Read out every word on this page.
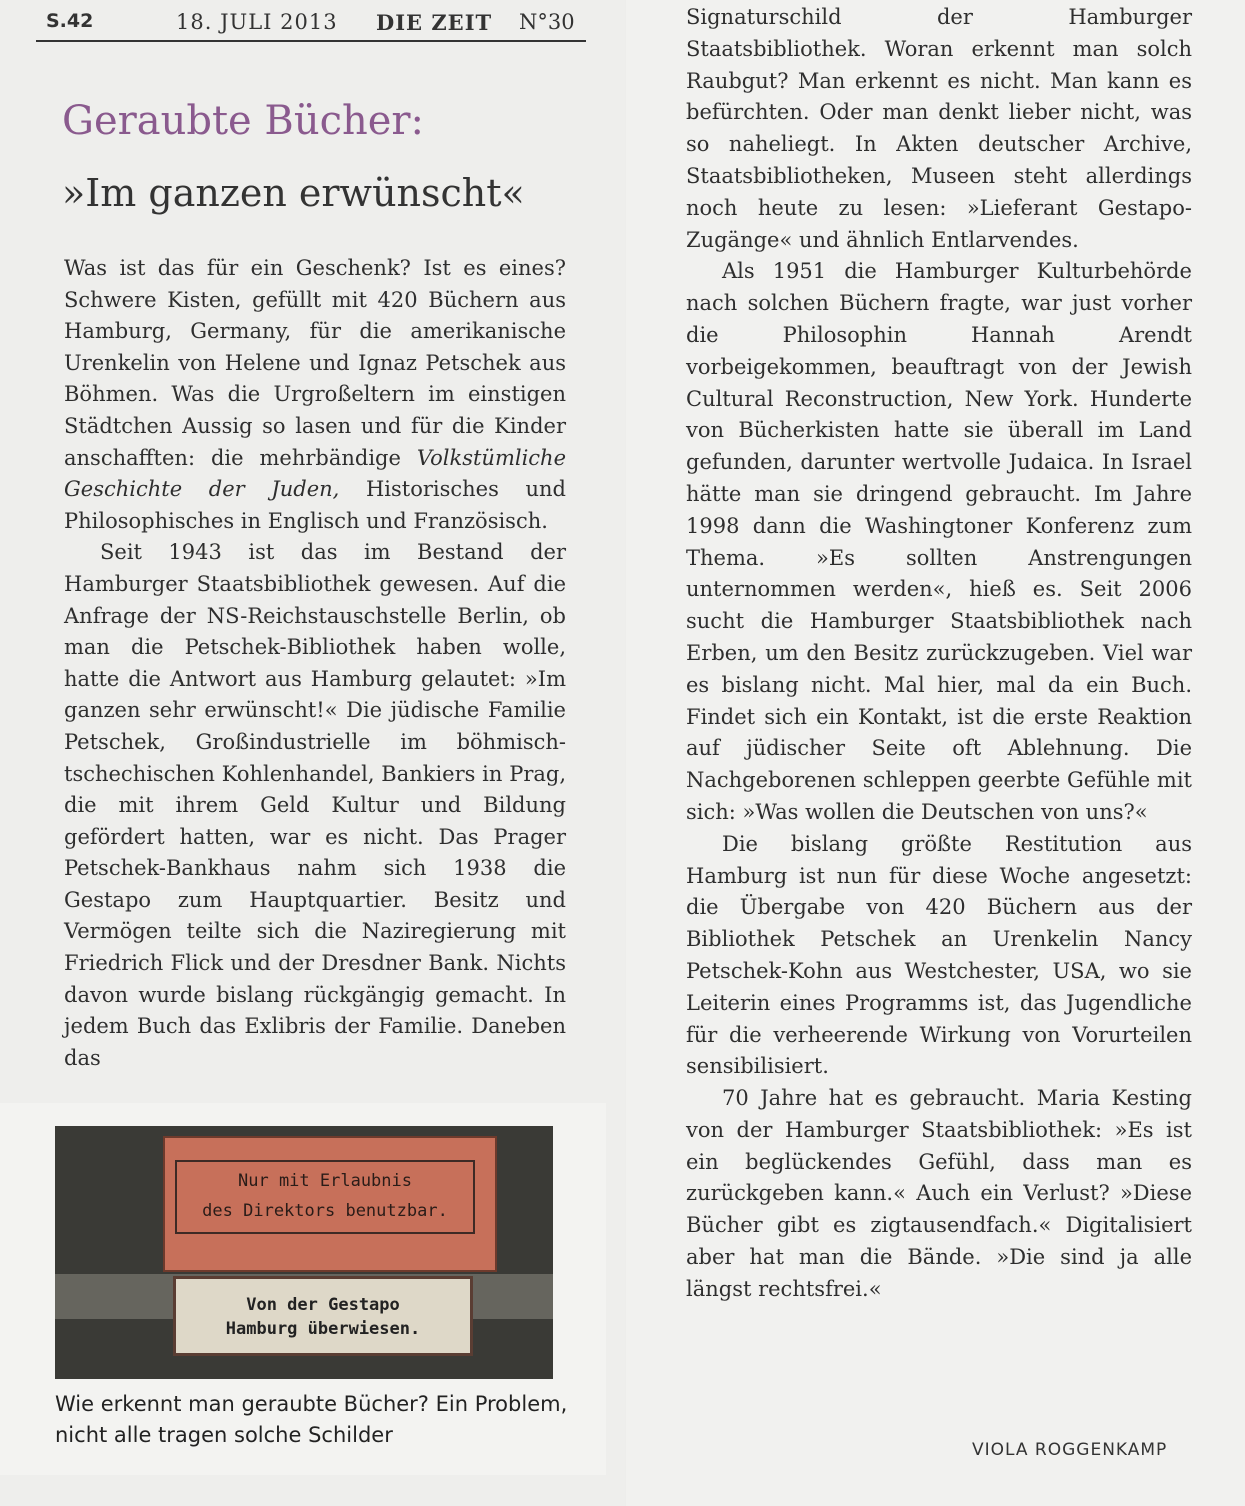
S.42	18. JULI 2013 DIE ZEIT N°30
Geraubte Bücher:
»Im ganzen erwünscht«

Was ist das für ein Geschenk? Ist es eines? Schwere Kisten, gefüllt mit 420 Büchern aus Hamburg, Germany, für die amerikanische Urenkelin von Helene und Ignaz Petschek aus Böhmen. Was die Urgroßeltern im einstigen Städtchen Aussig so lasen und für die Kinder anschafften: die mehrbändige Volkstümliche Geschichte der Juden, Historisches und Philosophisches in Englisch und Französisch.

Seit 1943 ist das im Bestand der Hamburger Staatsbibliothek gewesen. Auf die Anfrage der NS-Reichstauschstelle Berlin, ob man die Petschek-Bibliothek haben wolle, hatte die Antwort aus Hamburg gelautet: »Im ganzen sehr erwünscht!« Die jüdische Familie Petschek, Großindustrielle im böhmisch-tschechischen Kohlenhandel, Bankiers in Prag, die mit ihrem Geld Kultur und Bildung gefördert hatten, war es nicht. Das Prager Petschek-Bankhaus nahm sich 1938 die Gestapo zum Hauptquartier. Besitz und Vermögen teilte sich die Naziregierung mit Friedrich Flick und der Dresdner Bank. Nichts davon wurde bislang rückgängig gemacht. In jedem Buch das Exlibris der Familie. Daneben das

Nur mit Erlaubnis
des Direktors benutzbar.
Von der Gestapo
Hamburg überwiesen.
Wie erkennt man geraubte Bücher? Ein Problem, nicht alle tragen solche Schilder

Signaturschild der Hamburger Staatsbibliothek. Woran erkennt man solch Raubgut? Man erkennt es nicht. Man kann es befürchten. Oder man denkt lieber nicht, was so naheliegt. In Akten deutscher Archive, Staatsbibliotheken, Museen steht allerdings noch heute zu lesen: »Lieferant Gestapo-Zugänge« und ähnlich Entlarvendes.

Als 1951 die Hamburger Kulturbehörde nach solchen Büchern fragte, war just vorher die Philosophin Hannah Arendt vorbeigekommen, beauftragt von der Jewish Cultural Reconstruction, New York. Hunderte von Bücherkisten hatte sie überall im Land gefunden, darunter wertvolle Judaica. In Israel hätte man sie dringend gebraucht. Im Jahre 1998 dann die Washingtoner Konferenz zum Thema. »Es sollten Anstrengungen unternommen werden«, hieß es. Seit 2006 sucht die Hamburger Staatsbibliothek nach Erben, um den Besitz zurückzugeben. Viel war es bislang nicht. Mal hier, mal da ein Buch. Findet sich ein Kontakt, ist die erste Reaktion auf jüdischer Seite oft Ablehnung. Die Nachgeborenen schleppen geerbte Gefühle mit sich: »Was wollen die Deutschen von uns?«

Die bislang größte Restitution aus Hamburg ist nun für diese Woche angesetzt: die Übergabe von 420 Büchern aus der Bibliothek Petschek an Urenkelin Nancy Petschek-Kohn aus Westchester, USA, wo sie Leiterin eines Programms ist, das Jugendliche für die verheerende Wirkung von Vorurteilen sensibilisiert.

70 Jahre hat es gebraucht. Maria Kesting von der Hamburger Staatsbibliothek: »Es ist ein beglückendes Gefühl, dass man es zurückgeben kann.« Auch ein Verlust? »Diese Bücher gibt es zigtausendfach.« Digitalisiert aber hat man die Bände. »Die sind ja alle längst rechtsfrei.«

VIOLA ROGGENKAMP
